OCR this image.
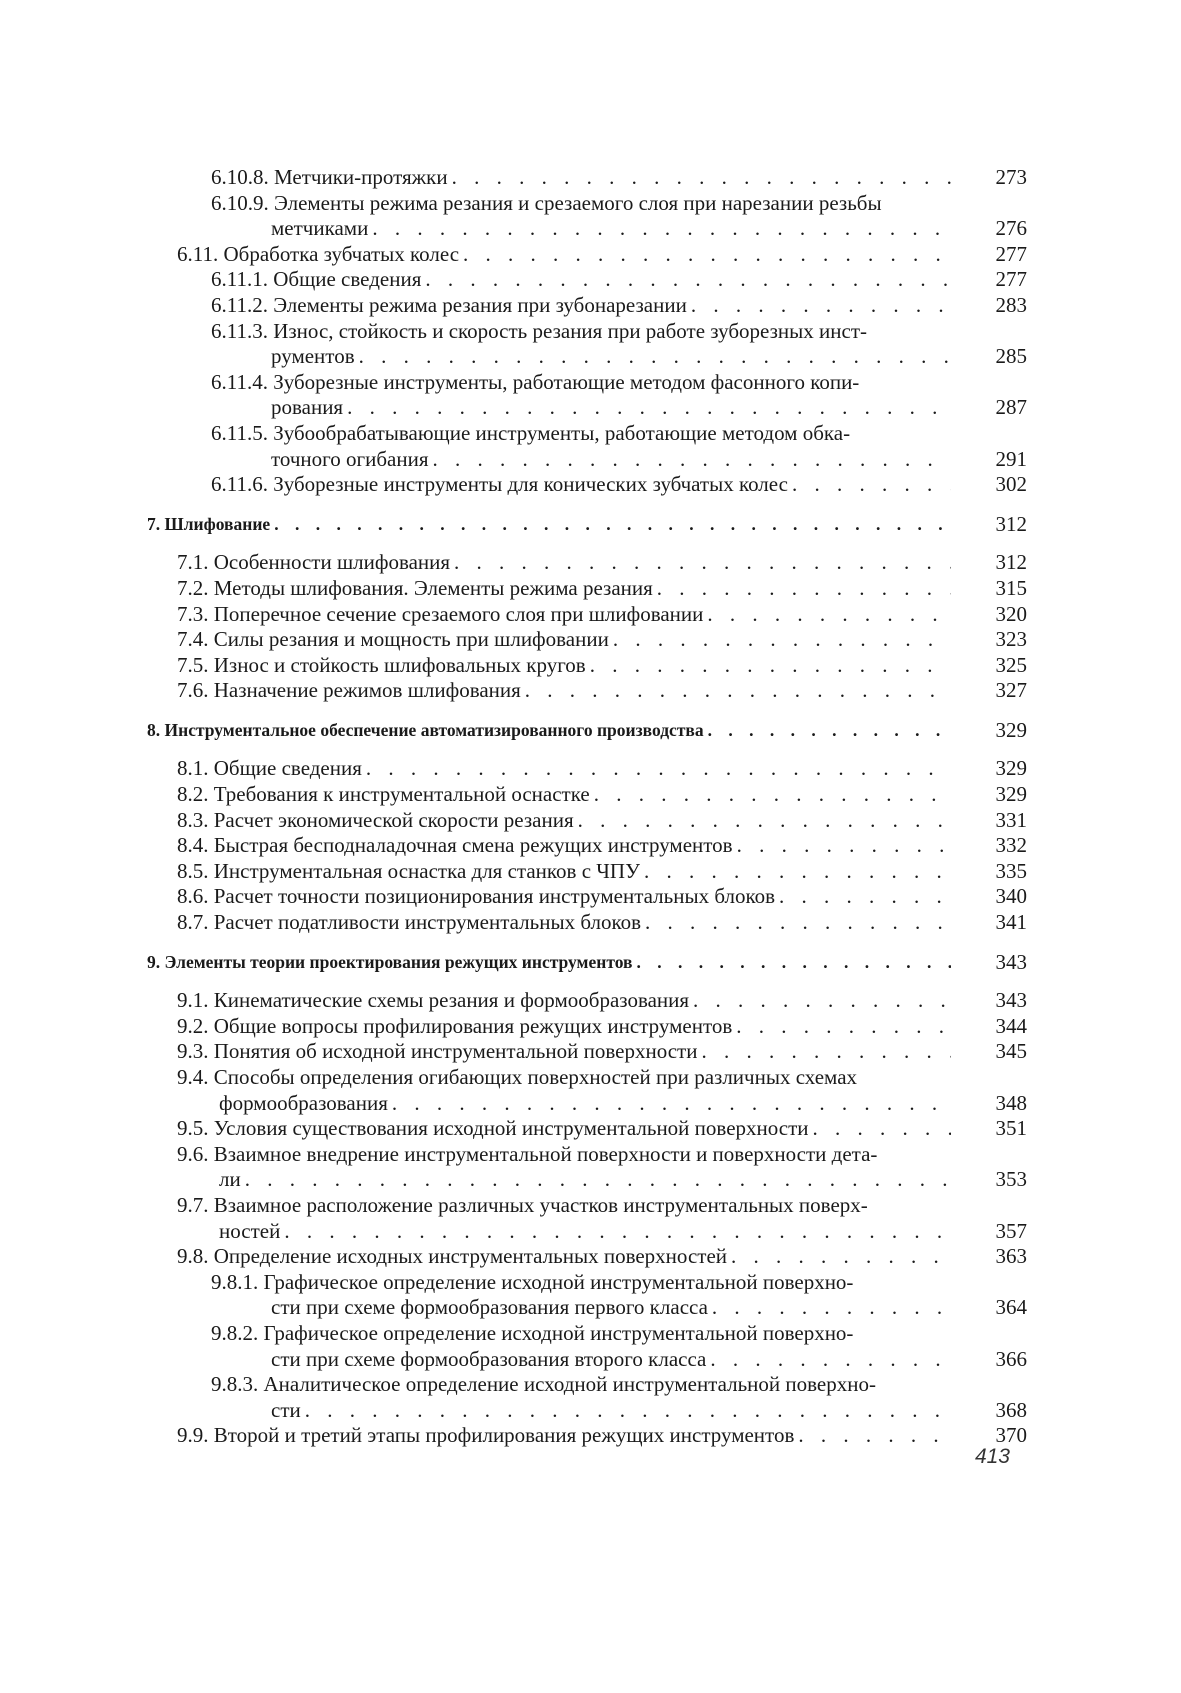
6.10.8. Метчики-протяжки . . .	273
6.10.9. Элементы режима резания и срезаемого слоя при нарезании резьбы
метчиками . . .	276
6.11. Обработка зубчатых колес . . .	277
6.11.1. Общие сведения . . .	277
6.11.2. Элементы режима резания при зубонарезании . . .	283
6.11.3. Износ, стойкость и скорость резания при работе зуборезных инст-
рументов . . .	285
6.11.4. Зуборезные инструменты, работающие методом фасонного копи-
рования . . .	287
6.11.5. Зубообрабатывающие инструменты, работающие методом обка-
точного огибания . . .	291
6.11.6. Зуборезные инструменты для конических зубчатых колес . . .	302
7. Шлифование . . .	312
7.1. Особенности шлифования . . .	312
7.2. Методы шлифования. Элементы режима резания . . .	315
7.3. Поперечное сечение срезаемого слоя при шлифовании . . .	320
7.4. Силы резания и мощность при шлифовании . . .	323
7.5. Износ и стойкость шлифовальных кругов . . .	325
7.6. Назначение режимов шлифования . . .	327
8. Инструментальное обеспечение автоматизированного производства . . .	329
8.1. Общие сведения . . .	329
8.2. Требования к инструментальной оснастке . . .	329
8.3. Расчет экономической скорости резания . . .	331
8.4. Быстрая бесподналадочная смена режущих инструментов . . .	332
8.5. Инструментальная оснастка для станков с ЧПУ . . .	335
8.6. Расчет точности позиционирования инструментальных блоков . . .	340
8.7. Расчет податливости инструментальных блоков . . .	341
9. Элементы теории проектирования режущих инструментов . . .	343
9.1. Кинематические схемы резания и формообразования . . .	343
9.2. Общие вопросы профилирования режущих инструментов . . .	344
9.3. Понятия об исходной инструментальной поверхности . . .	345
9.4. Способы определения огибающих поверхностей при различных схемах
формообразования . . .	348
9.5. Условия существования исходной инструментальной поверхности . . .	351
9.6. Взаимное внедрение инструментальной поверхности и поверхности дета-
ли . . .	353
9.7. Взаимное расположение различных участков инструментальных поверх-
ностей . . .	357
9.8. Определение исходных инструментальных поверхностей . . .	363
9.8.1. Графическое определение исходной инструментальной поверхно-
сти при схеме формообразования первого класса . . .	364
9.8.2. Графическое определение исходной инструментальной поверхно-
сти при схеме формообразования второго класса . . .	366
9.8.3. Аналитическое определение исходной инструментальной поверхно-
сти . . .	368
9.9. Второй и третий этапы профилирования режущих инструментов . . .	370
413
